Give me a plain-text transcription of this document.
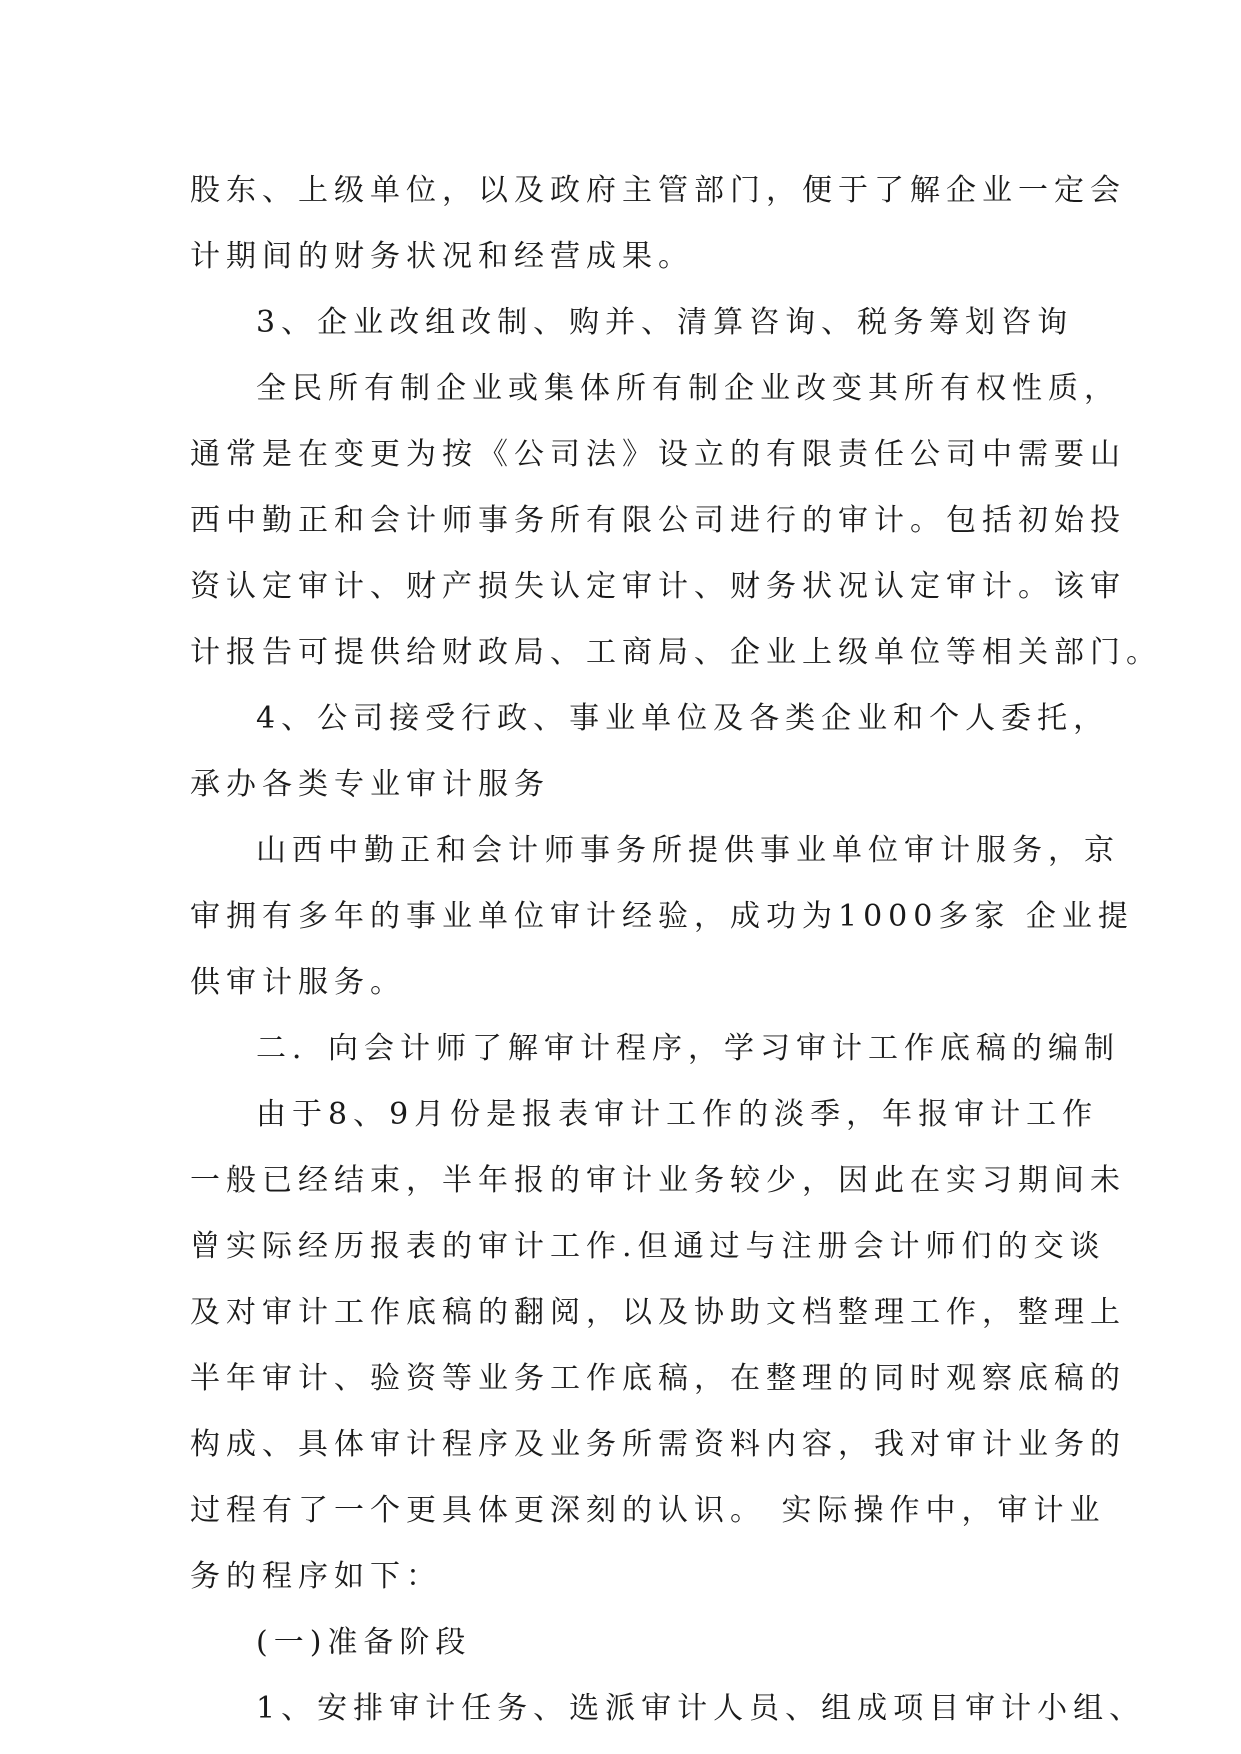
股东、上级单位，以及政府主管部门，便于了解企业一定会
计期间的财务状况和经营成果。
3、企业改组改制、购并、清算咨询、税务筹划咨询
全民所有制企业或集体所有制企业改变其所有权性质，
通常是在变更为按《公司法》设立的有限责任公司中需要山
西中勤正和会计师事务所有限公司进行的审计。包括初始投
资认定审计、财产损失认定审计、财务状况认定审计。该审
计报告可提供给财政局、工商局、企业上级单位等相关部门。
4、公司接受行政、事业单位及各类企业和个人委托，
承办各类专业审计服务
山西中勤正和会计师事务所提供事业单位审计服务，京
审拥有多年的事业单位审计经验，成功为1000多家 企业提
供审计服务。
二．向会计师了解审计程序，学习审计工作底稿的编制
由于8、9月份是报表审计工作的淡季，年报审计工作
一般已经结束，半年报的审计业务较少，因此在实习期间未
曾实际经历报表的审计工作.但通过与注册会计师们的交谈
及对审计工作底稿的翻阅，以及协助文档整理工作，整理上
半年审计、验资等业务工作底稿，在整理的同时观察底稿的
构成、具体审计程序及业务所需资料内容，我对审计业务的
过程有了一个更具体更深刻的认识。 实际操作中，审计业
务的程序如下：
(一)准备阶段
1、安排审计任务、选派审计人员、组成项目审计小组、
